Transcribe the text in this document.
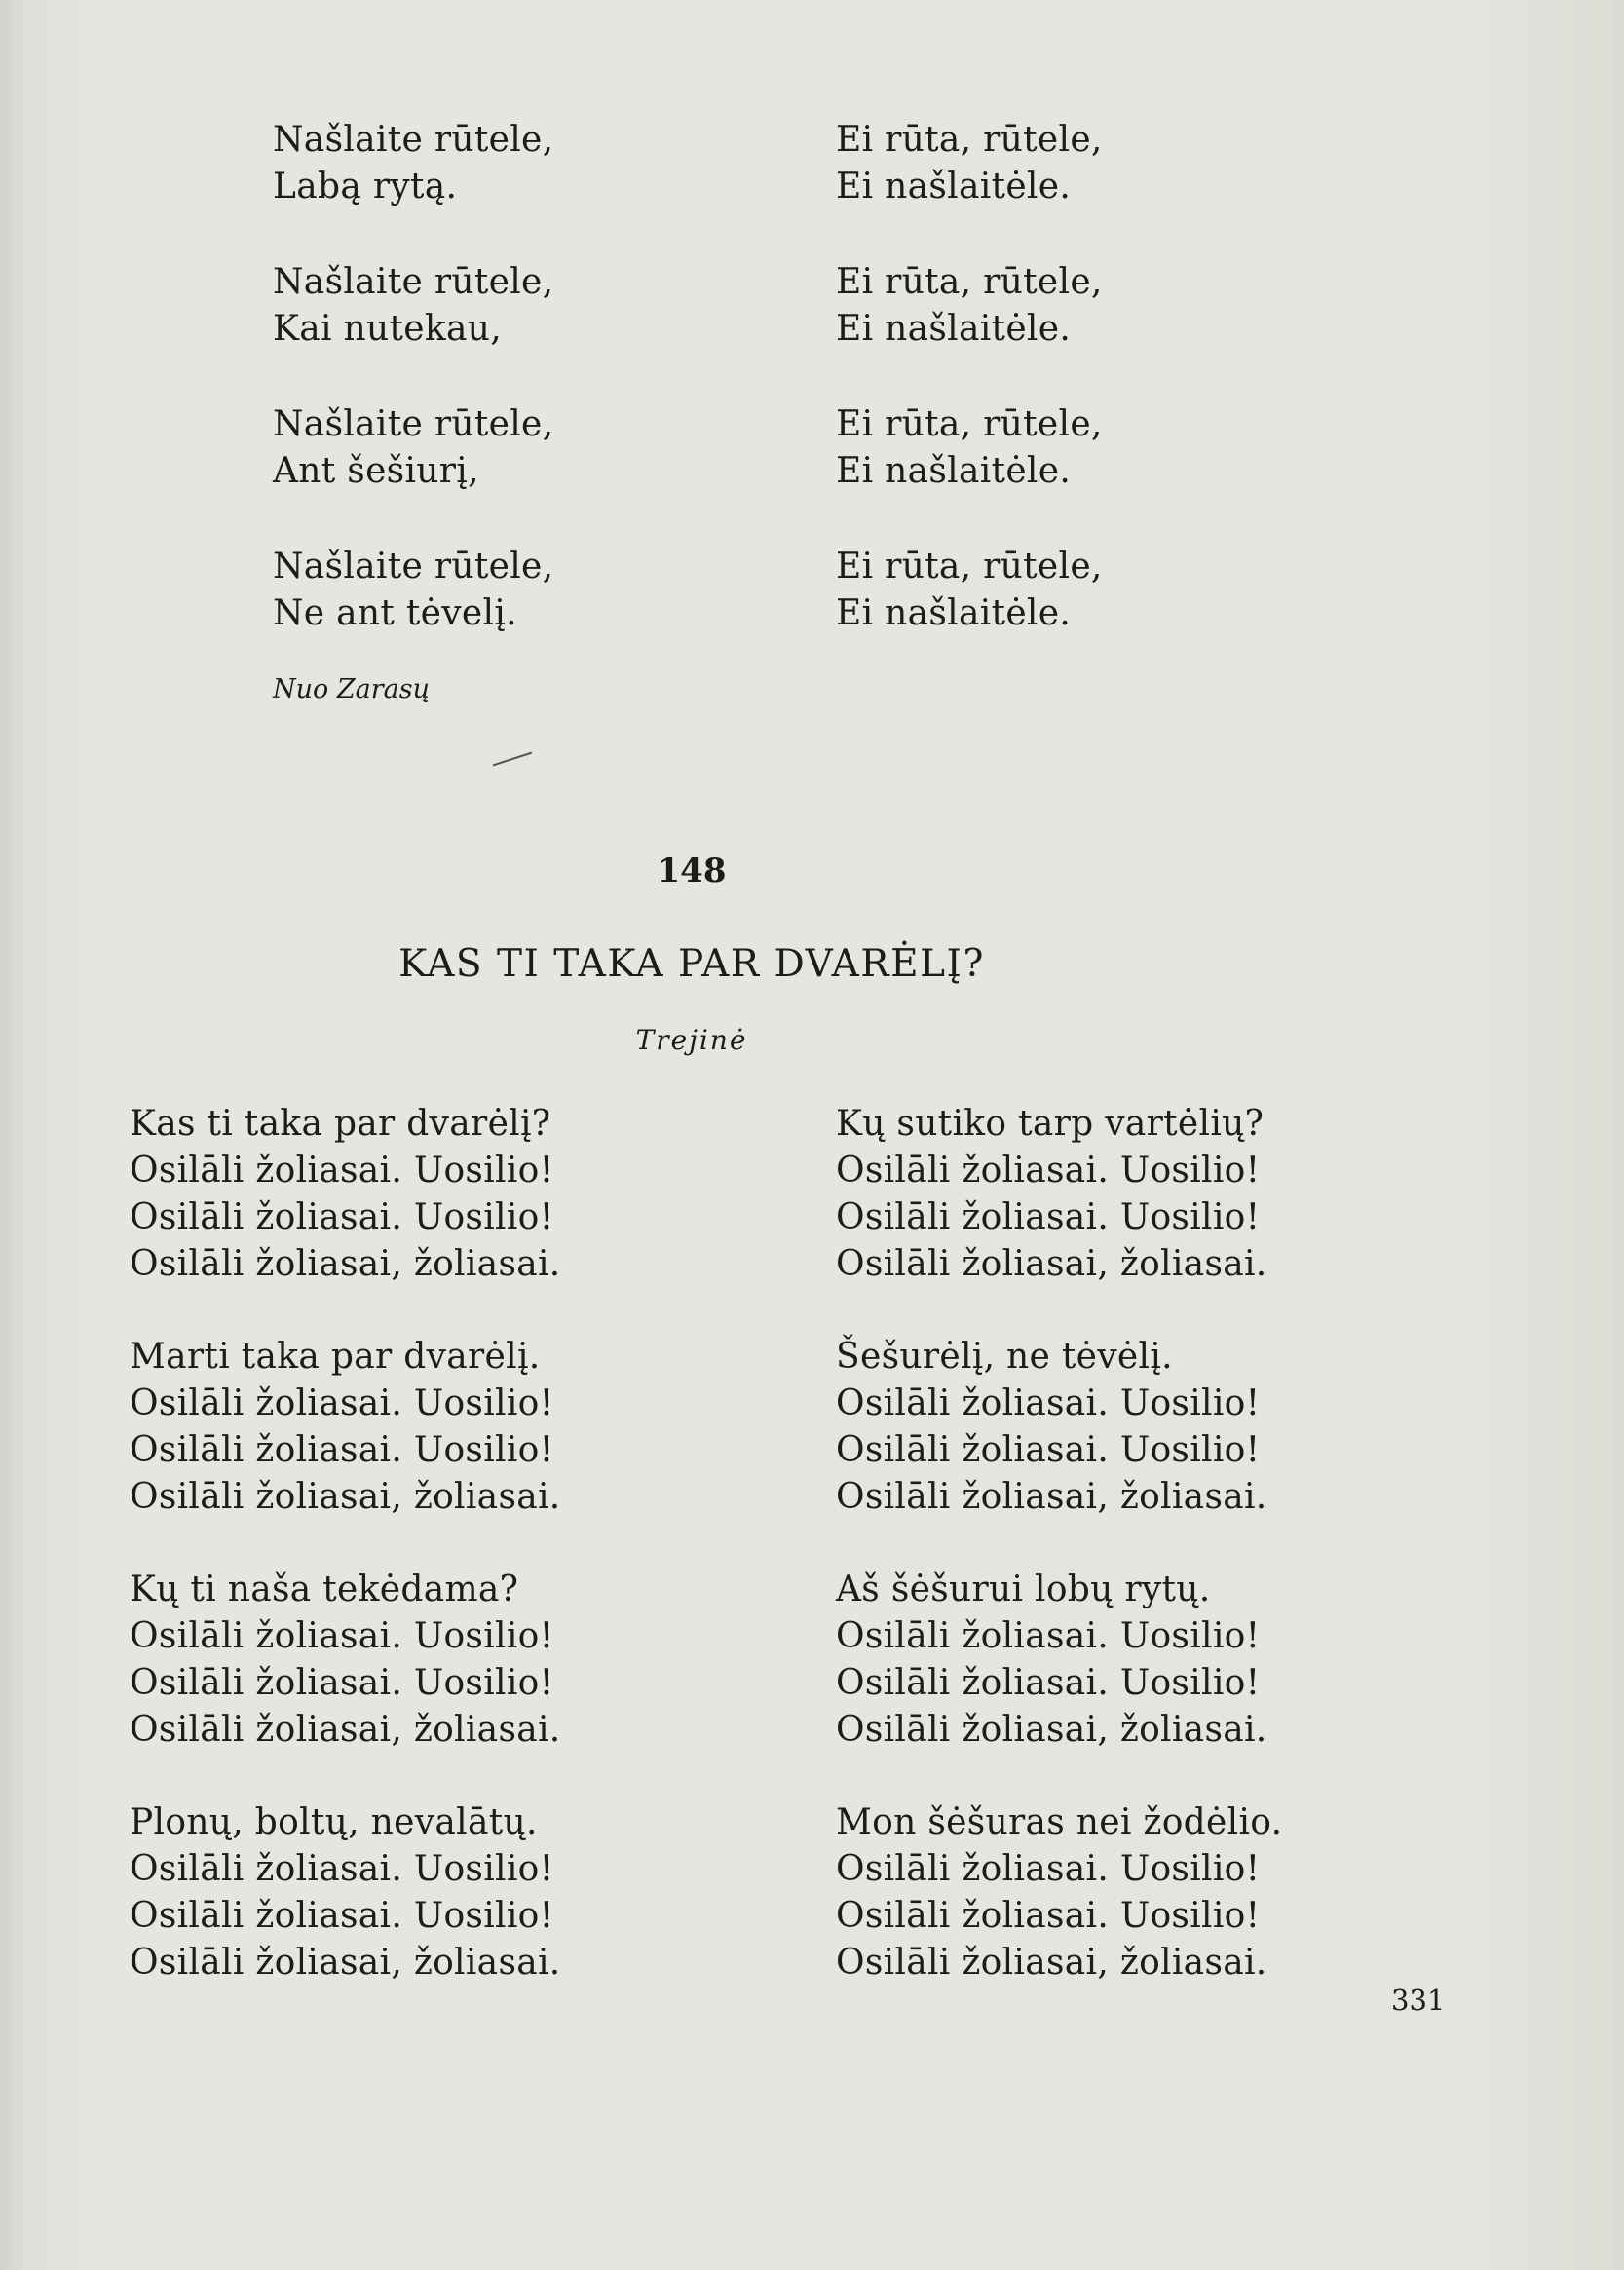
Našlaite rūtele,
Labą rytą.
Našlaite rūtele,
Kai nutekau,
Našlaite rūtele,
Ant šešiurį,
Našlaite rūtele,
Ne ant tėvelį.
Ei rūta, rūtele,
Ei našlaitėle.
Ei rūta, rūtele,
Ei našlaitėle.
Ei rūta, rūtele,
Ei našlaitėle.
Ei rūta, rūtele,
Ei našlaitėle.
Nuo Zarasų
148
KAS TI TAKA PAR DVARĖLĮ?
Trejinė
Kas ti taka par dvarėlį?
Osilāli žoliasai. Uosilio!
Osilāli žoliasai. Uosilio!
Osilāli žoliasai, žoliasai.
Marti taka par dvarėlį.
Osilāli žoliasai. Uosilio!
Osilāli žoliasai. Uosilio!
Osilāli žoliasai, žoliasai.
Kų ti naša tekėdama?
Osilāli žoliasai. Uosilio!
Osilāli žoliasai. Uosilio!
Osilāli žoliasai, žoliasai.
Plonų, boltų, nevalātų.
Osilāli žoliasai. Uosilio!
Osilāli žoliasai. Uosilio!
Osilāli žoliasai, žoliasai.
Kų sutiko tarp vartėlių?
Osilāli žoliasai. Uosilio!
Osilāli žoliasai. Uosilio!
Osilāli žoliasai, žoliasai.
Šešurėlį, ne tėvėlį.
Osilāli žoliasai. Uosilio!
Osilāli žoliasai. Uosilio!
Osilāli žoliasai, žoliasai.
Aš šėšurui lobų rytų.
Osilāli žoliasai. Uosilio!
Osilāli žoliasai. Uosilio!
Osilāli žoliasai, žoliasai.
Mon šėšuras nei žodėlio.
Osilāli žoliasai. Uosilio!
Osilāli žoliasai. Uosilio!
Osilāli žoliasai, žoliasai.
331
